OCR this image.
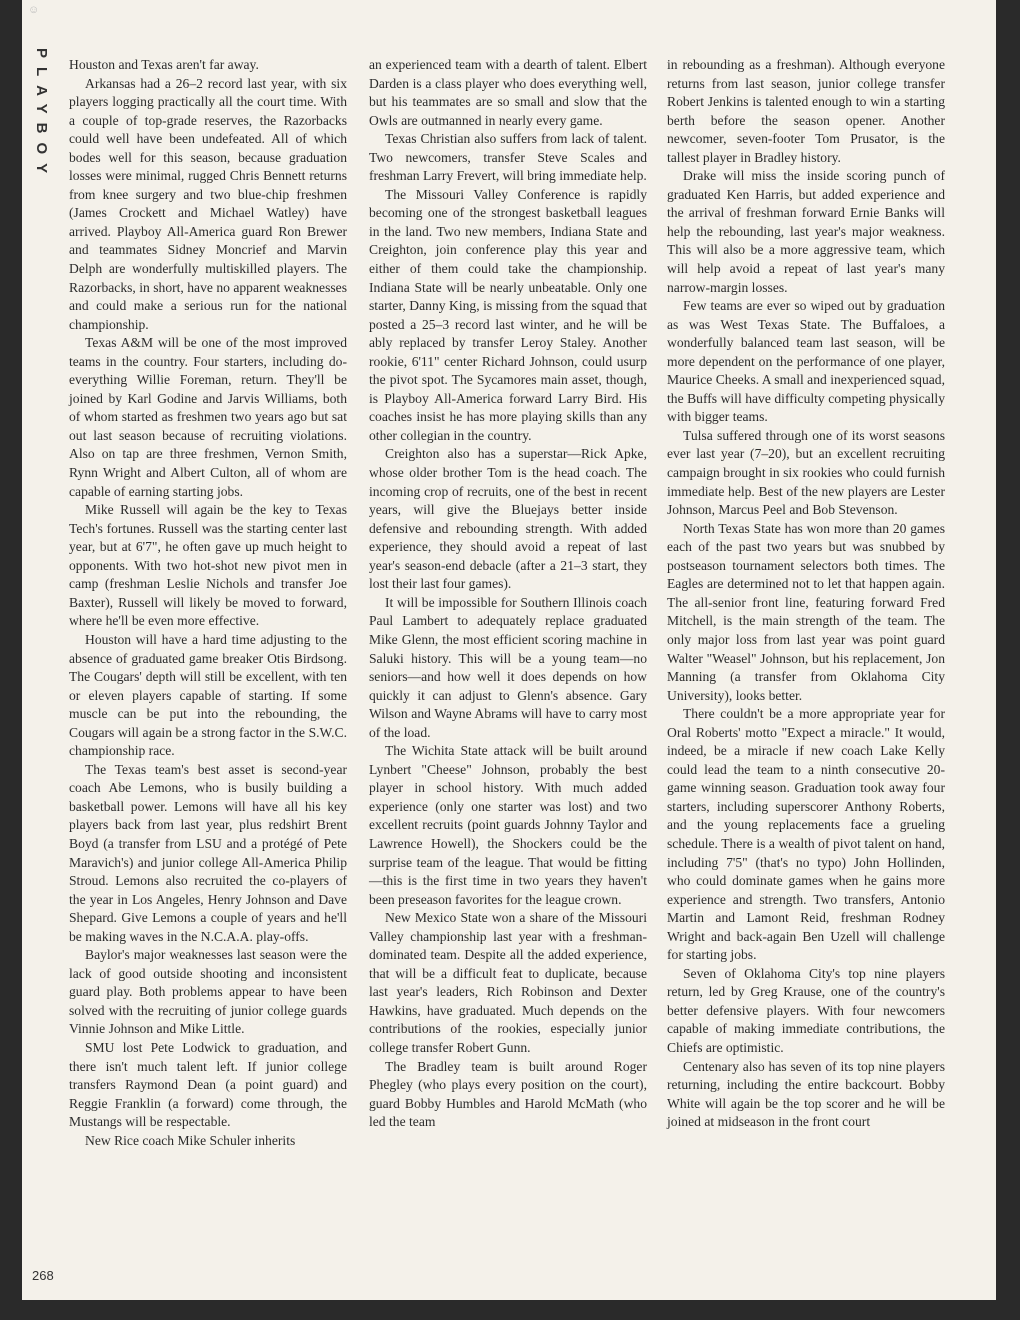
☺
PLAYBOY Houston and Texas aren't far away.

Arkansas had a 26–2 record last year, with six players logging practically all the court time. With a couple of top-grade reserves, the Razorbacks could well have been undefeated. All of which bodes well for this season, because graduation losses were minimal, rugged Chris Bennett returns from knee surgery and two blue-chip freshmen (James Crockett and Michael Watley) have arrived. Playboy All-America guard Ron Brewer and teammates Sidney Moncrief and Marvin Delph are wonderfully multiskilled players. The Razorbacks, in short, have no apparent weaknesses and could make a serious run for the national championship.

Texas A&M will be one of the most improved teams in the country. Four starters, including do-everything Willie Foreman, return. They'll be joined by Karl Godine and Jarvis Williams, both of whom started as freshmen two years ago but sat out last season because of recruiting violations. Also on tap are three freshmen, Vernon Smith, Rynn Wright and Albert Culton, all of whom are capable of earning starting jobs.

Mike Russell will again be the key to Texas Tech's fortunes. Russell was the starting center last year, but at 6'7", he often gave up much height to opponents. With two hot-shot new pivot men in camp (freshman Leslie Nichols and transfer Joe Baxter), Russell will likely be moved to forward, where he'll be even more effective.

Houston will have a hard time adjusting to the absence of graduated game breaker Otis Birdsong. The Cougars' depth will still be excellent, with ten or eleven players capable of starting. If some muscle can be put into the rebounding, the Cougars will again be a strong factor in the S.W.C. championship race.

The Texas team's best asset is second-year coach Abe Lemons, who is busily building a basketball power. Lemons will have all his key players back from last year, plus redshirt Brent Boyd (a transfer from LSU and a protégé of Pete Maravich's) and junior college All-America Philip Stroud. Lemons also recruited the co-players of the year in Los Angeles, Henry Johnson and Dave Shepard. Give Lemons a couple of years and he'll be making waves in the N.C.A.A. play-offs.

Baylor's major weaknesses last season were the lack of good outside shooting and inconsistent guard play. Both problems appear to have been solved with the recruiting of junior college guards Vinnie Johnson and Mike Little.

SMU lost Pete Lodwick to graduation, and there isn't much talent left. If junior college transfers Raymond Dean (a point guard) and Reggie Franklin (a forward) come through, the Mustangs will be respectable.

New Rice coach Mike Schuler inherits

an experienced team with a dearth of talent. Elbert Darden is a class player who does everything well, but his teammates are so small and slow that the Owls are outmanned in nearly every game.

Texas Christian also suffers from lack of talent. Two newcomers, transfer Steve Scales and freshman Larry Frevert, will bring immediate help.

The Missouri Valley Conference is rapidly becoming one of the strongest basketball leagues in the land. Two new members, Indiana State and Creighton, join conference play this year and either of them could take the championship. Indiana State will be nearly unbeatable. Only one starter, Danny King, is missing from the squad that posted a 25–3 record last winter, and he will be ably replaced by transfer Leroy Staley. Another rookie, 6'11" center Richard Johnson, could usurp the pivot spot. The Sycamores main asset, though, is Playboy All-America forward Larry Bird. His coaches insist he has more playing skills than any other collegian in the country.

Creighton also has a superstar—Rick Apke, whose older brother Tom is the head coach. The incoming crop of recruits, one of the best in recent years, will give the Bluejays better inside defensive and rebounding strength. With added experience, they should avoid a repeat of last year's season-end debacle (after a 21–3 start, they lost their last four games).

It will be impossible for Southern Illinois coach Paul Lambert to adequately replace graduated Mike Glenn, the most efficient scoring machine in Saluki history. This will be a young team—no seniors—and how well it does depends on how quickly it can adjust to Glenn's absence. Gary Wilson and Wayne Abrams will have to carry most of the load.

The Wichita State attack will be built around Lynbert "Cheese" Johnson, probably the best player in school history. With much added experience (only one starter was lost) and two excellent recruits (point guards Johnny Taylor and Lawrence Howell), the Shockers could be the surprise team of the league. That would be fitting—this is the first time in two years they haven't been preseason favorites for the league crown.

New Mexico State won a share of the Missouri Valley championship last year with a freshman-dominated team. Despite all the added experience, that will be a difficult feat to duplicate, because last year's leaders, Rich Robinson and Dexter Hawkins, have graduated. Much depends on the contributions of the rookies, especially junior college transfer Robert Gunn.

The Bradley team is built around Roger Phegley (who plays every position on the court), guard Bobby Humbles and Harold McMath (who led the team

in rebounding as a freshman). Although everyone returns from last season, junior college transfer Robert Jenkins is talented enough to win a starting berth before the season opener. Another newcomer, seven-footer Tom Prusator, is the tallest player in Bradley history.

Drake will miss the inside scoring punch of graduated Ken Harris, but added experience and the arrival of freshman forward Ernie Banks will help the rebounding, last year's major weakness. This will also be a more aggressive team, which will help avoid a repeat of last year's many narrow-margin losses.

Few teams are ever so wiped out by graduation as was West Texas State. The Buffaloes, a wonderfully balanced team last season, will be more dependent on the performance of one player, Maurice Cheeks. A small and inexperienced squad, the Buffs will have difficulty competing physically with bigger teams.

Tulsa suffered through one of its worst seasons ever last year (7–20), but an excellent recruiting campaign brought in six rookies who could furnish immediate help. Best of the new players are Lester Johnson, Marcus Peel and Bob Stevenson.

North Texas State has won more than 20 games each of the past two years but was snubbed by postseason tournament selectors both times. The Eagles are determined not to let that happen again. The all-senior front line, featuring forward Fred Mitchell, is the main strength of the team. The only major loss from last year was point guard Walter "Weasel" Johnson, but his replacement, Jon Manning (a transfer from Oklahoma City University), looks better.

There couldn't be a more appropriate year for Oral Roberts' motto "Expect a miracle." It would, indeed, be a miracle if new coach Lake Kelly could lead the team to a ninth consecutive 20-game winning season. Graduation took away four starters, including superscorer Anthony Roberts, and the young replacements face a grueling schedule. There is a wealth of pivot talent on hand, including 7'5" (that's no typo) John Hollinden, who could dominate games when he gains more experience and strength. Two transfers, Antonio Martin and Lamont Reid, freshman Rodney Wright and back-again Ben Uzell will challenge for starting jobs.

Seven of Oklahoma City's top nine players return, led by Greg Krause, one of the country's better defensive players. With four newcomers capable of making immediate contributions, the Chiefs are optimistic.

Centenary also has seven of its top nine players returning, including the entire backcourt. Bobby White will again be the top scorer and he will be joined at midseason in the front court

268
